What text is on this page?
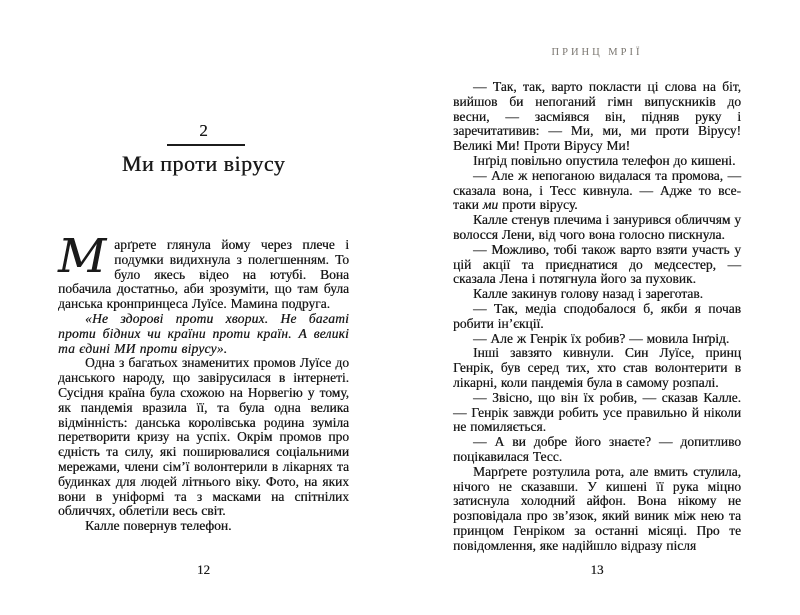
2
Ми проти вірусу

Марґрете глянула йому через плече і подумки видихнула з полегшенням. То було якесь відео на ютубі. Вона побачила достатньо, аби зрозуміти, що там була данська кронпринцеса Луїсе. Мамина подруга.

«Не здорові проти хворих. Не багаті проти бідних чи країни проти країн. А великі та єдині МИ проти вірусу».

Одна з багатьох знаменитих промов Луїсе до данського народу, що завірусилася в інтернеті. Сусідня країна була схожою на Норвегію у тому, як пандемія вразила її, та була одна велика відмінність: данська королівська родина зуміла перетворити кризу на успіх. Окрім промов про єдність та силу, які поширювалися соціальними мережами, члени сім’ї волонтерили в лікарнях та будинках для людей літнього віку. Фото, на яких вони в уніформі та з масками на спітнілих обличчях, облетіли весь світ.

Калле повернув телефон.

12
ПРИНЦ МРІЇ

— Так, так, варто покласти ці слова на біт, вийшов би непоганий гімн випускників до весни, — засміявся він, підняв руку і заречитативив: — Ми, ми, ми проти Вірусу! Великі Ми! Проти Вірусу Ми!

Інґрід повільно опустила телефон до кишені.

— Але ж непоганою видалася та промова, — сказала вона, і Тесс кивнула. — Адже то все-таки ми проти вірусу.

Калле стенув плечима і занурився обличчям у волосся Лени, від чого вона голосно пискнула.

— Можливо, тобі також варто взяти участь у цій акції та приєднатися до медсестер, — сказала Лена і потягнула його за пуховик.

Калле закинув голову назад і зареготав.

— Так, медіа сподобалося б, якби я почав робити ін’єкції.

— Але ж Генрік їх робив? — мовила Інґрід.

Інші завзято кивнули. Син Луїсе, принц Генрік, був серед тих, хто став волонтерити в лікарні, коли пандемія була в самому розпалі.

— Звісно, що він їх робив, — сказав Калле. — Генрік завжди робить усе правильно й ніколи не помиляється.

— А ви добре його знаєте? — допитливо поцікавилася Тесс.

Марґрете розтулила рота, але вмить стулила, нічого не сказавши. У кишені її рука міцно затиснула холодний айфон. Вона нікому не розповідала про зв’язок, який виник між нею та принцом Генріком за останні місяці. Про те повідомлення, яке надійшло відразу після

13
